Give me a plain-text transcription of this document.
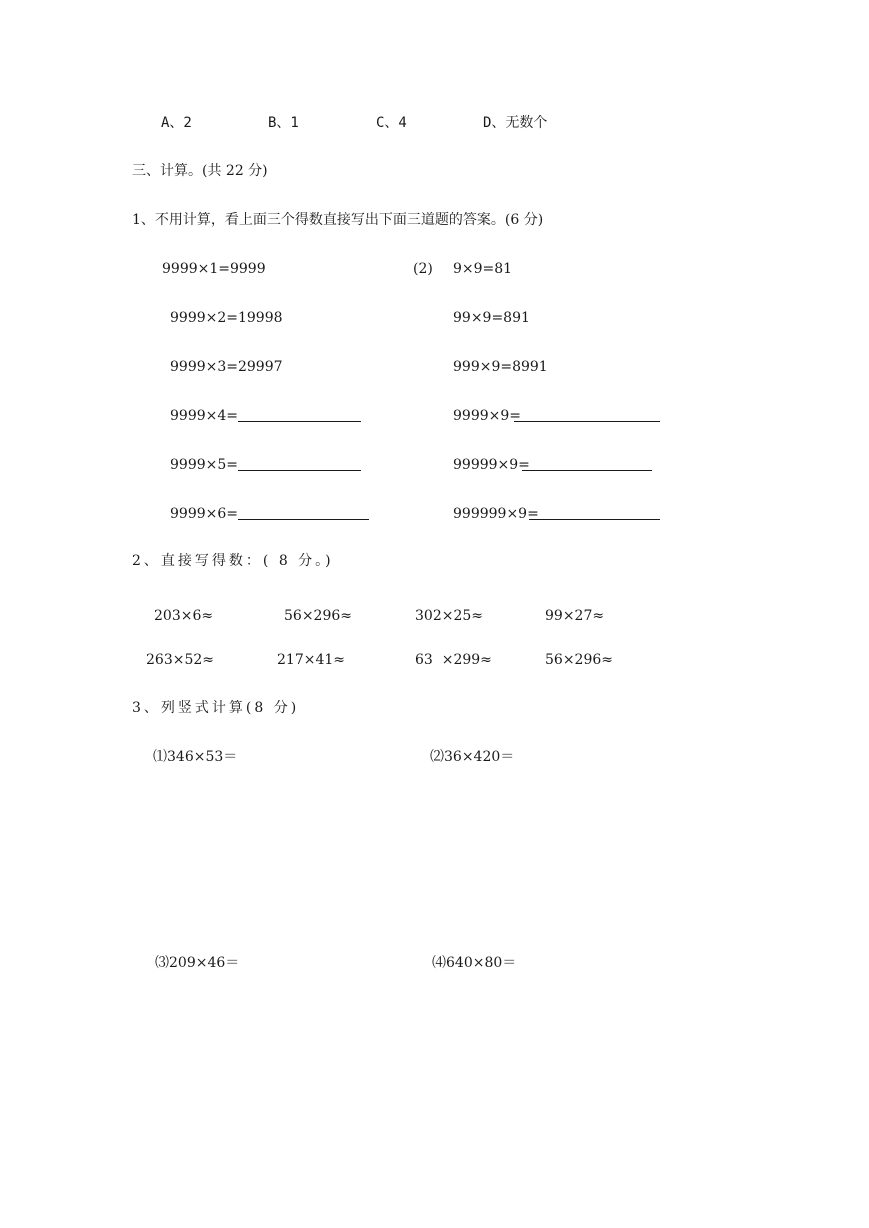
A、2	B、1	C、4	D、无数个
三、计算。(共 22 分)
1、不用计算，看上面三个得数直接写出下面三道题的答案。(6 分)
9999×1=9999
9999×2=19998
9999×3=29997
9999×4=
9999×5=
9999×6=
(2) 9×9=81
99×9=891
999×9=8991
9999×9=
99999×9=
999999×9=
2、直接写得数：( 8 分。)
203×6≈	56×296≈	302×25≈	99×27≈
263×52≈	217×41≈	63  ×299≈	56×296≈
3、列竖式计算(8 分)
⑴346×53＝	⑵36×420＝
⑶209×46＝	⑷640×80＝
